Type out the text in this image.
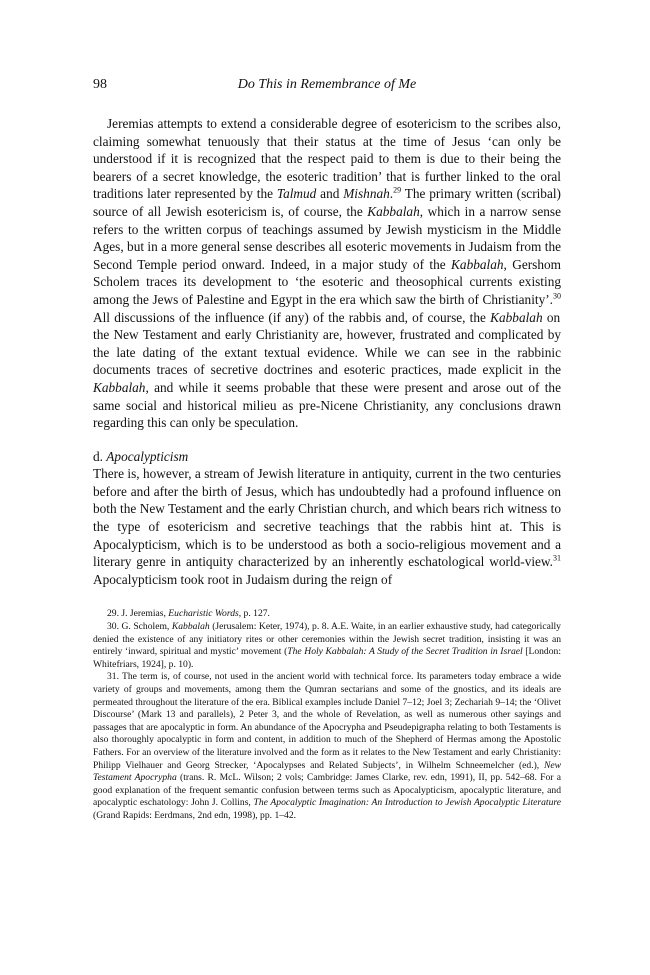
98	Do This in Remembrance of Me

Jeremias attempts to extend a considerable degree of esotericism to the scribes also, claiming somewhat tenuously that their status at the time of Jesus ‘can only be understood if it is recognized that the respect paid to them is due to their being the bearers of a secret knowledge, the esoteric tradition’ that is further linked to the oral traditions later represented by the Talmud and Mishnah.$^{29}$ The primary written (scribal) source of all Jewish esotericism is, of course, the Kabbalah, which in a narrow sense refers to the written corpus of teachings assumed by Jewish mysticism in the Middle Ages, but in a more general sense describes all esoteric movements in Judaism from the Second Temple period onward. Indeed, in a major study of the Kabbalah, Gershom Scholem traces its development to ‘the esoteric and theosophical currents existing among the Jews of Palestine and Egypt in the era which saw the birth of Christianity’.$^{30}$ All discussions of the influence (if any) of the rabbis and, of course, the Kabbalah on the New Testament and early Christianity are, however, frustrated and complicated by the late dating of the extant textual evidence. While we can see in the rabbinic documents traces of secretive doctrines and esoteric practices, made explicit in the Kabbalah, and while it seems probable that these were present and arose out of the same social and historical milieu as pre-Nicene Christianity, any conclusions drawn regarding this can only be speculation.

d. Apocalypticism

There is, however, a stream of Jewish literature in antiquity, current in the two centuries before and after the birth of Jesus, which has undoubtedly had a profound influence on both the New Testament and the early Christian church, and which bears rich witness to the type of esotericism and secretive teachings that the rabbis hint at. This is Apocalypticism, which is to be understood as both a socio-religious movement and a literary genre in antiquity characterized by an inherently eschatological world-view.$^{31}$ Apocalypticism took root in Judaism during the reign of

29. J. Jeremias, Eucharistic Words, p. 127.

30. G. Scholem, Kabbalah (Jerusalem: Keter, 1974), p. 8. A.E. Waite, in an earlier exhaustive study, had categorically denied the existence of any initiatory rites or other ceremonies within the Jewish secret tradition, insisting it was an entirely ‘inward, spiritual and mystic’ movement (The Holy Kabbalah: A Study of the Secret Tradition in Israel [London: Whitefriars, 1924], p. 10).

31. The term is, of course, not used in the ancient world with technical force. Its parameters today embrace a wide variety of groups and movements, among them the Qumran sectarians and some of the gnostics, and its ideals are permeated throughout the literature of the era. Biblical examples include Daniel 7–12; Joel 3; Zechariah 9–14; the ‘Olivet Discourse’ (Mark 13 and parallels), 2 Peter 3, and the whole of Revelation, as well as numerous other sayings and passages that are apocalyptic in form. An abundance of the Apocrypha and Pseudepigrapha relating to both Testaments is also thoroughly apocalyptic in form and content, in addition to much of the Shepherd of Hermas among the Apostolic Fathers. For an overview of the literature involved and the form as it relates to the New Testament and early Christianity: Philipp Vielhauer and Georg Strecker, ‘Apocalypses and Related Subjects’, in Wilhelm Schneemelcher (ed.), New Testament Apocrypha (trans. R. McL. Wilson; 2 vols; Cambridge: James Clarke, rev. edn, 1991), II, pp. 542–68. For a good explanation of the frequent semantic confusion between terms such as Apocalypticism, apocalyptic literature, and apocalyptic eschatology: John J. Collins, The Apocalyptic Imagination: An Introduction to Jewish Apocalyptic Literature (Grand Rapids: Eerdmans, 2nd edn, 1998), pp. 1–42.
